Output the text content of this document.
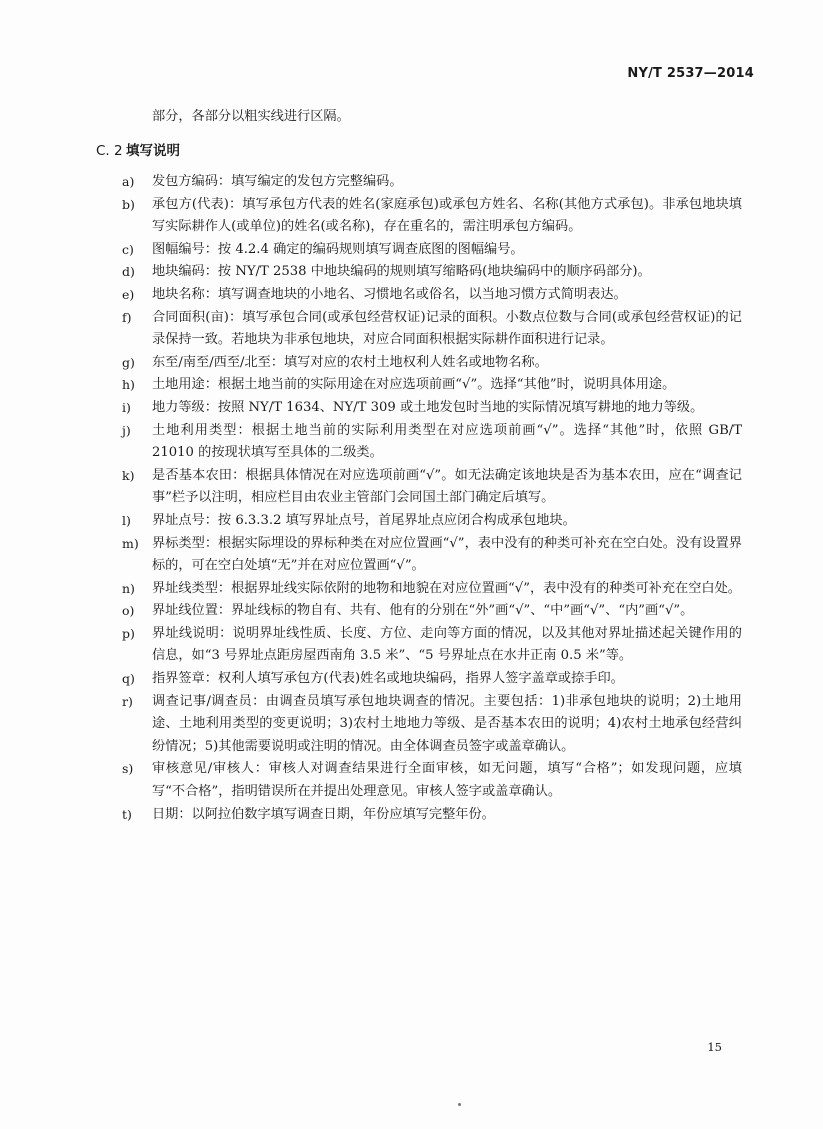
NY/T 2537—2014
部分，各部分以粗实线进行区隔。
C. 2 填写说明
a) 发包方编码：填写编定的发包方完整编码。
b) 承包方(代表)：填写承包方代表的姓名(家庭承包)或承包方姓名、名称(其他方式承包)。非承包地块填写实际耕作人(或单位)的姓名(或名称)，存在重名的，需注明承包方编码。
c) 图幅编号：按 4.2.4 确定的编码规则填写调查底图的图幅编号。
d) 地块编码：按 NY/T 2538 中地块编码的规则填写缩略码(地块编码中的顺序码部分)。
e) 地块名称：填写调查地块的小地名、习惯地名或俗名，以当地习惯方式简明表达。
f) 合同面积(亩)：填写承包合同(或承包经营权证)记录的面积。小数点位数与合同(或承包经营权证)的记录保持一致。若地块为非承包地块，对应合同面积根据实际耕作面积进行记录。
g) 东至/南至/西至/北至：填写对应的农村土地权利人姓名或地物名称。
h) 土地用途：根据土地当前的实际用途在对应选项前画“√”。选择“其他”时，说明具体用途。
i) 地力等级：按照 NY/T 1634、NY/T 309 或土地发包时当地的实际情况填写耕地的地力等级。
j) 土地利用类型：根据土地当前的实际利用类型在对应选项前画“√”。选择“其他”时，依照 GB/T 21010 的按现状填写至具体的二级类。
k) 是否基本农田：根据具体情况在对应选项前画“√”。如无法确定该地块是否为基本农田，应在“调查记事”栏予以注明，相应栏目由农业主管部门会同国土部门确定后填写。
l) 界址点号：按 6.3.3.2 填写界址点号，首尾界址点应闭合构成承包地块。
m) 界标类型：根据实际埋设的界标种类在对应位置画“√”，表中没有的种类可补充在空白处。没有设置界标的，可在空白处填“无”并在对应位置画“√”。
n) 界址线类型：根据界址线实际依附的地物和地貌在对应位置画“√”，表中没有的种类可补充在空白处。
o) 界址线位置：界址线标的物自有、共有、他有的分别在“外”画“√”、“中”画“√”、“内”画“√”。
p) 界址线说明：说明界址线性质、长度、方位、走向等方面的情况，以及其他对界址描述起关键作用的信息，如“3 号界址点距房屋西南角 3.5 米”、“5 号界址点在水井正南 0.5 米”等。
q) 指界签章：权利人填写承包方(代表)姓名或地块编码，指界人签字盖章或捺手印。
r) 调查记事/调查员：由调查员填写承包地块调查的情况。主要包括：1)非承包地块的说明；2)土地用途、土地利用类型的变更说明；3)农村土地地力等级、是否基本农田的说明；4)农村土地承包经营纠纷情况；5)其他需要说明或注明的情况。由全体调查员签字或盖章确认。
s) 审核意见/审核人：审核人对调查结果进行全面审核，如无问题，填写“合格”；如发现问题，应填写“不合格”，指明错误所在并提出处理意见。审核人签字或盖章确认。
t) 日期：以阿拉伯数字填写调查日期，年份应填写完整年份。
15
